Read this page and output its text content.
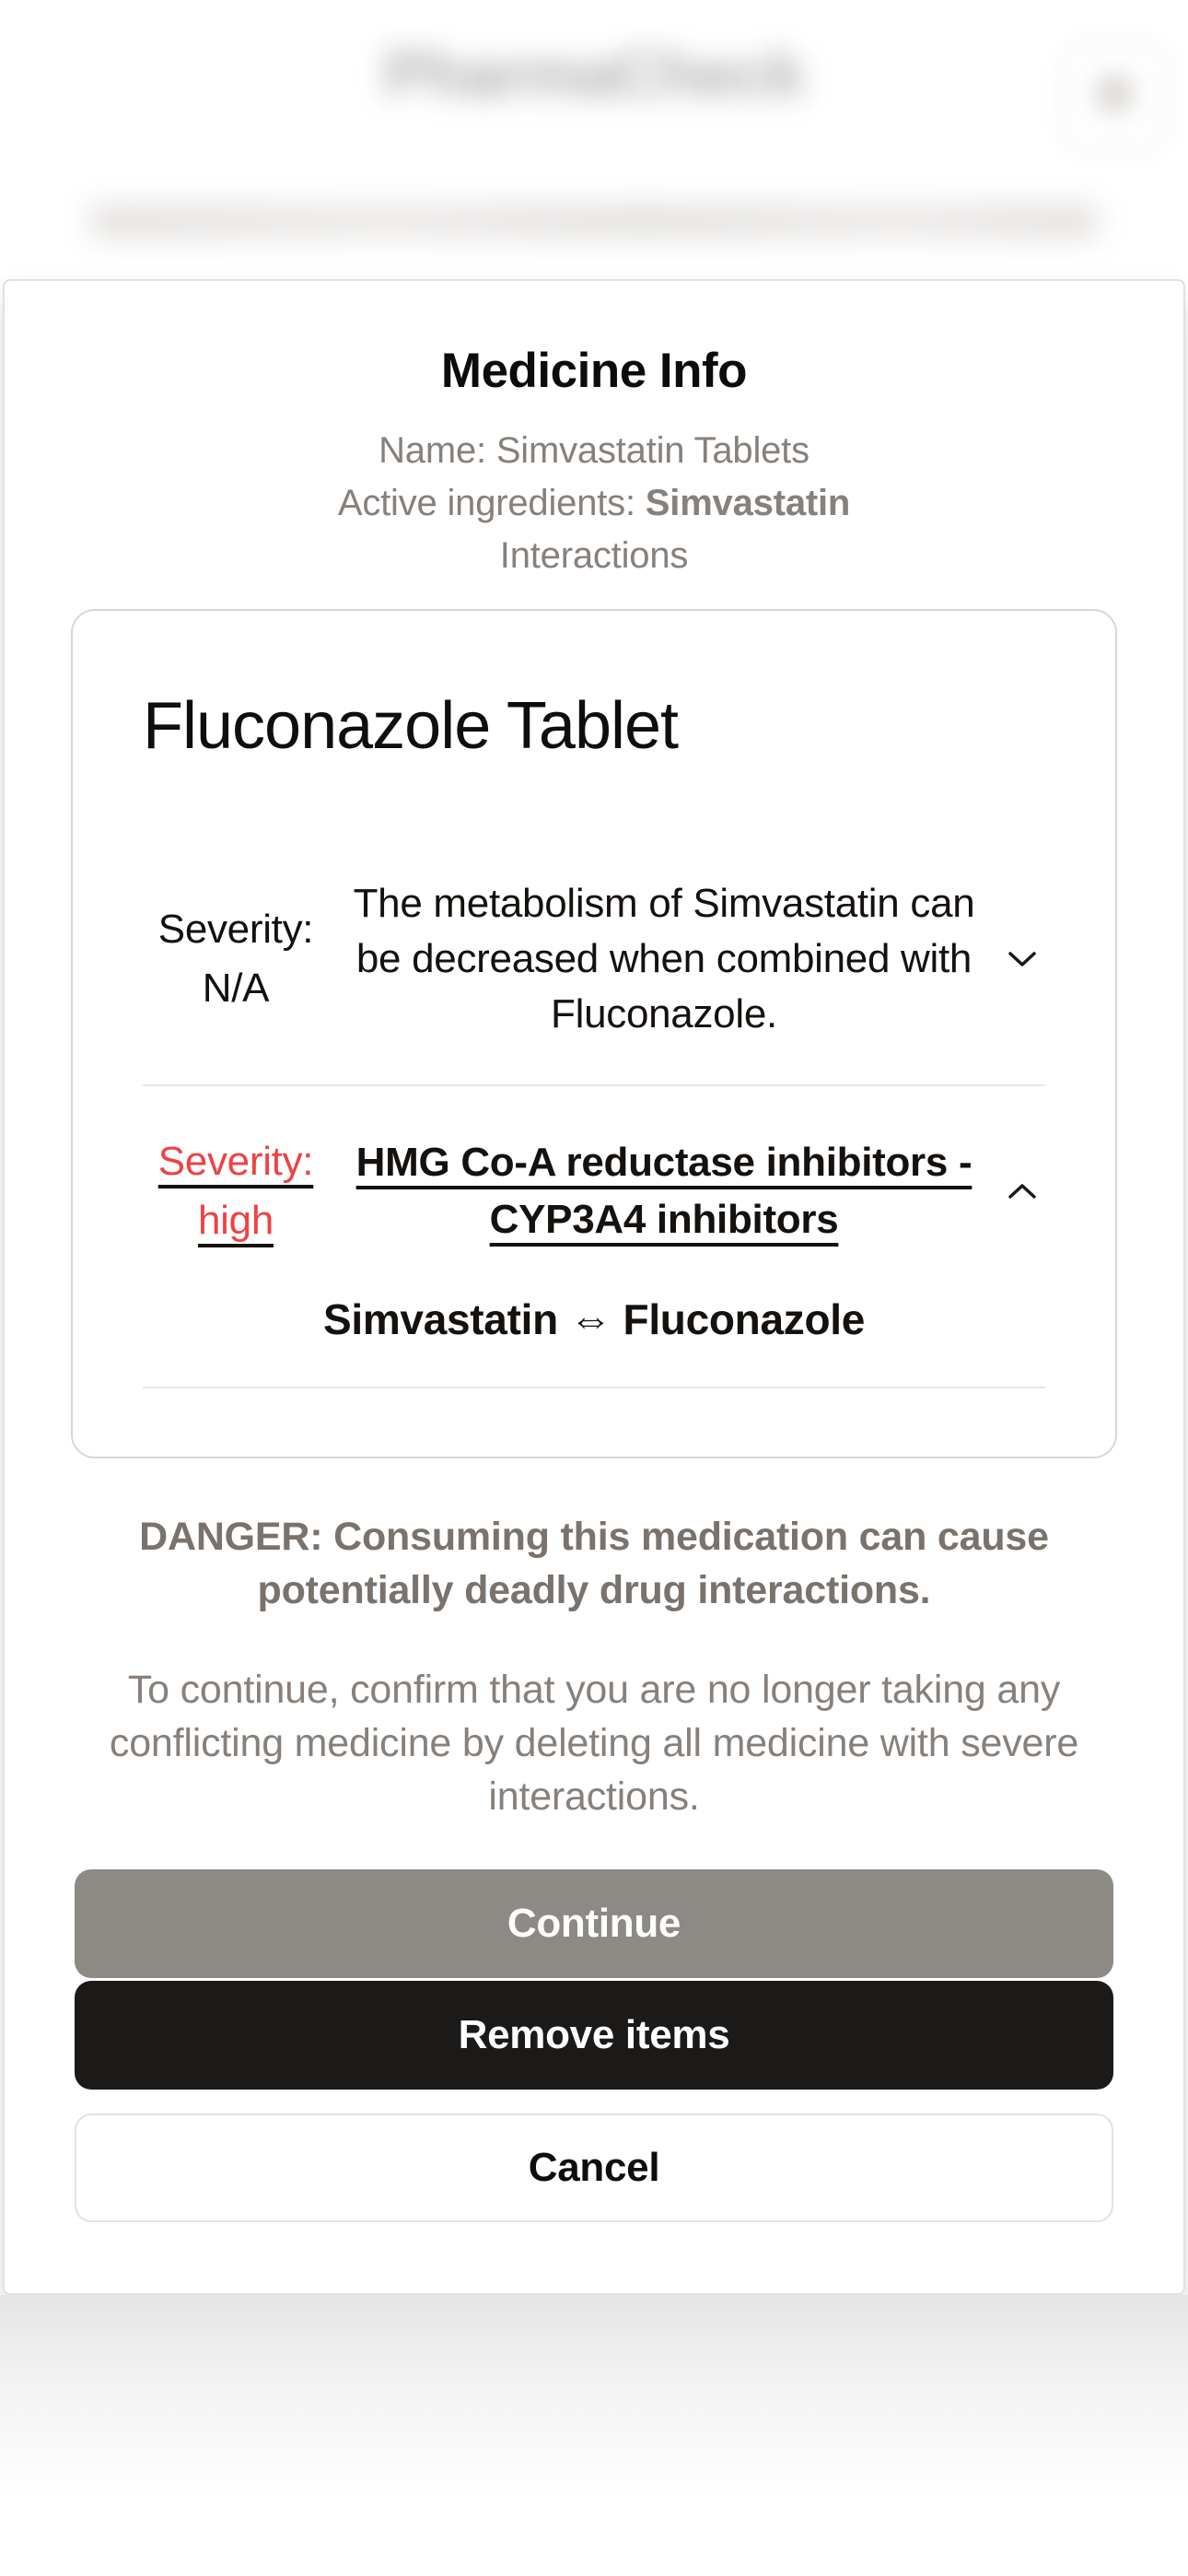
PharmaCheck
Medicine Info
Name: Simvastatin Tablets
Active ingredients: Simvastatin
Interactions
Fluconazole Tablet
Severity:
N/A
The metabolism of Simvastatin can be decreased when combined with Fluconazole.
Severity:
high
HMG Co-A reductase inhibitors - CYP3A4 inhibitors
Simvastatin ⇔ Fluconazole
DANGER: Consuming this medication can cause potentially deadly drug interactions.
To continue, confirm that you are no longer taking any conflicting medicine by deleting all medicine with severe interactions.
Continue
Remove items
Cancel
